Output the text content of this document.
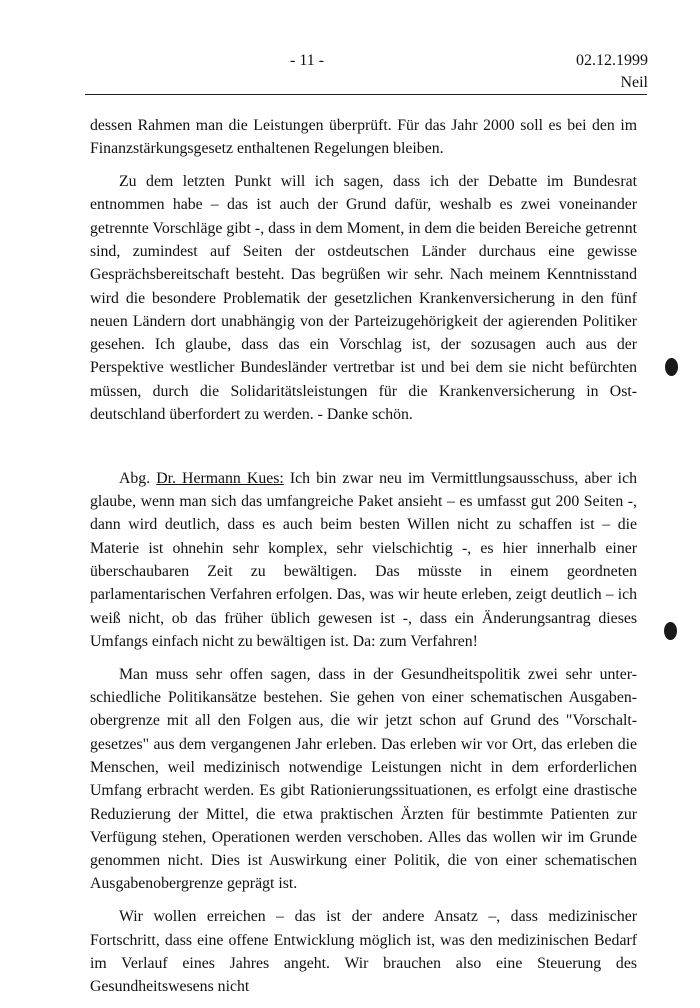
- 11 -	02.12.1999
Neil

dessen Rahmen man die Leistungen überprüft. Für das Jahr 2000 soll es bei den im Finanzstärkungsgesetz enthaltenen Regelungen bleiben.

Zu dem letzten Punkt will ich sagen, dass ich der Debatte im Bundesrat entnommen habe – das ist auch der Grund dafür, weshalb es zwei voneinander getrennte Vorschläge gibt -, dass in dem Moment, in dem die beiden Bereiche getrennt sind, zumindest auf Seiten der ostdeutschen Länder durchaus eine gewisse Gesprächsbereitschaft besteht. Das begrüßen wir sehr. Nach meinem Kenntnisstand wird die besondere Problematik der gesetzlichen Krankenversicherung in den fünf neuen Ländern dort unabhängig von der Parteizugehörigkeit der agierenden Politiker gesehen. Ich glaube, dass das ein Vorschlag ist, der sozusagen auch aus der Perspektive westlicher Bundesländer vertretbar ist und bei dem sie nicht befürchten müssen, durch die Solidaritätsleistungen für die Krankenversicherung in Ost-deutschland überfordert zu werden. - Danke schön.

Abg. Dr. Hermann Kues: Ich bin zwar neu im Vermittlungsausschuss, aber ich glaube, wenn man sich das umfangreiche Paket ansieht – es umfasst gut 200 Seiten -, dann wird deutlich, dass es auch beim besten Willen nicht zu schaffen ist – die Materie ist ohnehin sehr komplex, sehr vielschichtig -, es hier innerhalb einer überschaubaren Zeit zu bewältigen. Das müsste in einem geordneten parlamentarischen Verfahren erfolgen. Das, was wir heute erleben, zeigt deutlich – ich weiß nicht, ob das früher üblich gewesen ist -, dass ein Änderungsantrag dieses Umfangs einfach nicht zu bewältigen ist. Da: zum Verfahren!

Man muss sehr offen sagen, dass in der Gesundheitspolitik zwei sehr unter-schiedliche Politikansätze bestehen. Sie gehen von einer schematischen Ausgaben-obergrenze mit all den Folgen aus, die wir jetzt schon auf Grund des "Vorschalt-gesetzes" aus dem vergangenen Jahr erleben. Das erleben wir vor Ort, das erleben die Menschen, weil medizinisch notwendige Leistungen nicht in dem erforderlichen Umfang erbracht werden. Es gibt Rationierungssituationen, es erfolgt eine drastische Reduzierung der Mittel, die etwa praktischen Ärzten für bestimmte Patienten zur Verfügung stehen, Operationen werden verschoben. Alles das wollen wir im Grunde genommen nicht. Dies ist Auswirkung einer Politik, die von einer schematischen Ausgabenobergrenze geprägt ist.

Wir wollen erreichen – das ist der andere Ansatz –, dass medizinischer Fortschritt, dass eine offene Entwicklung möglich ist, was den medizinischen Bedarf im Verlauf eines Jahres angeht. Wir brauchen also eine Steuerung des Gesundheitswesens nicht
